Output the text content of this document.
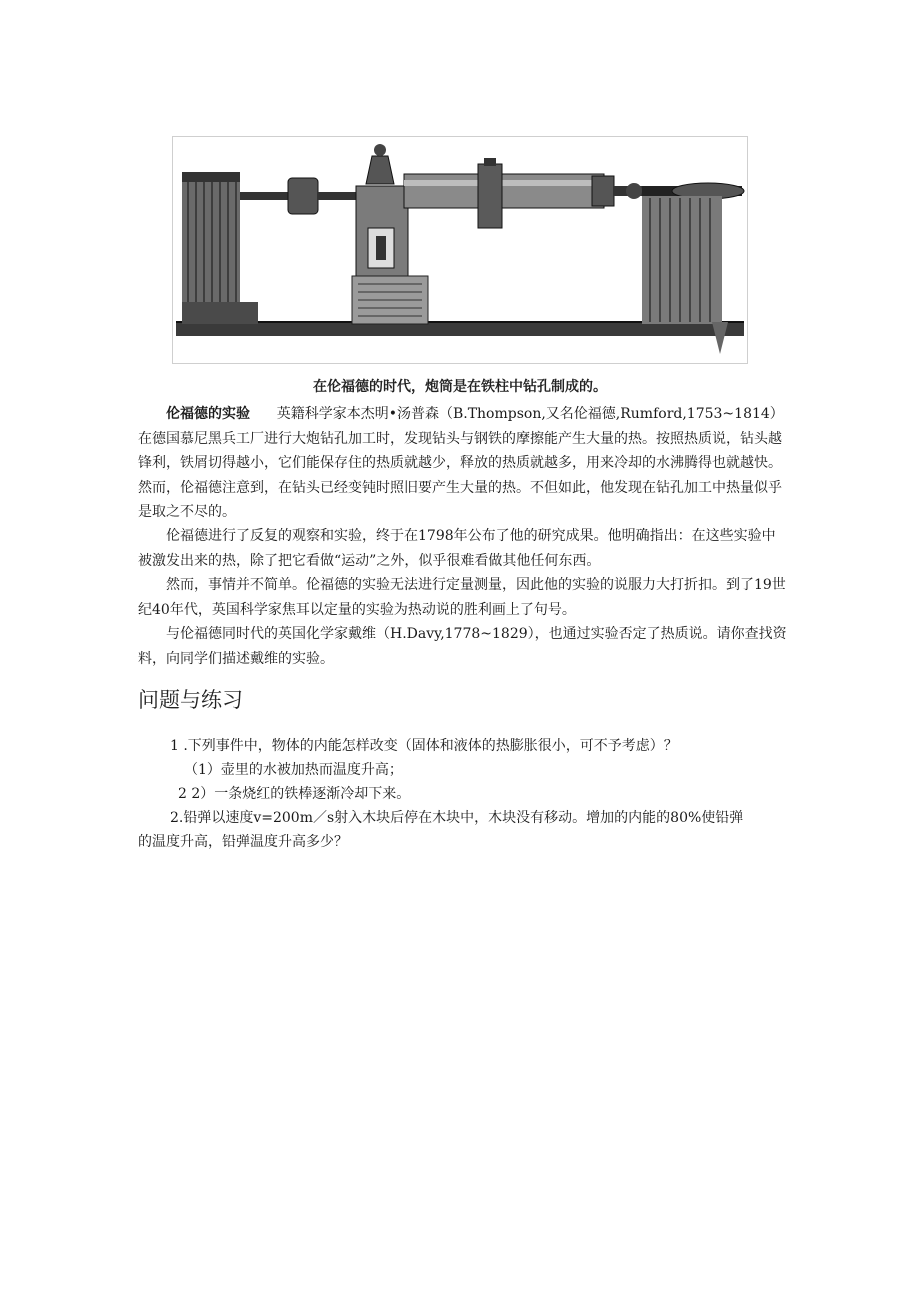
在伦福德的时代，炮筒是在铁柱中钻孔制成的。

伦福德的实验 英籍科学家本杰明•汤普森（B.Thompson,又名伦福德,Rumford,1753~1814）在德国慕尼黑兵工厂进行大炮钻孔加工时，发现钻头与钢铁的摩擦能产生大量的热。按照热质说，钻头越锋利，铁屑切得越小，它们能保存住的热质就越少，释放的热质就越多，用来冷却的水沸腾得也就越快。然而，伦福德注意到，在钻头已经变钝时照旧要产生大量的热。不但如此，他发现在钻孔加工中热量似乎是取之不尽的。

伦福德进行了反复的观察和实验，终于在1798年公布了他的研究成果。他明确指出：在这些实验中被激发出来的热，除了把它看做“运动”之外，似乎很难看做其他任何东西。

然而，事情并不简单。伦福德的实验无法进行定量测量，因此他的实验的说服力大打折扣。到了19世纪40年代，英国科学家焦耳以定量的实验为热动说的胜利画上了句号。

与伦福德同时代的英国化学家戴维（H.Davy,1778~1829），也通过实验否定了热质说。请你查找资料，向同学们描述戴维的实验。

问题与练习
1 .下列事件中，物体的内能怎样改变（固体和液体的热膨胀很小，可不予考虑）？
（1）壶里的水被加热而温度升高；
2 2）一条烧红的铁棒逐渐冷却下来。
2.铅弹以速度v=200m／s射入木块后停在木块中，木块没有移动。增加的内能的80%使铅弹
的温度升高，铅弹温度升高多少？
